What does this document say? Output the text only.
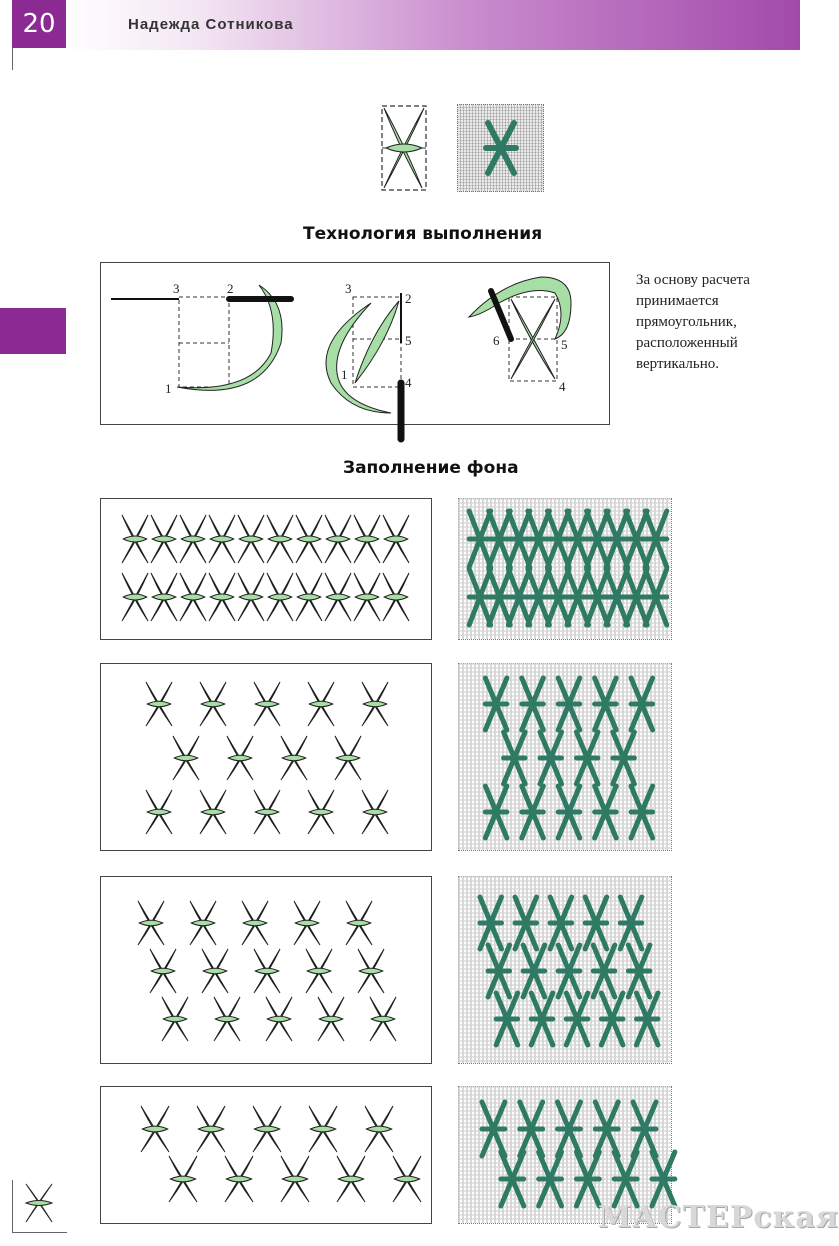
20	Надежда Сотникова
Технология выполнения
3	2
1
3
2
5
1
4
6	5
4
За основу расчета
принимается
прямоугольник,
расположенный
вертикально.
Заполнение фона
МАСТЕРская
